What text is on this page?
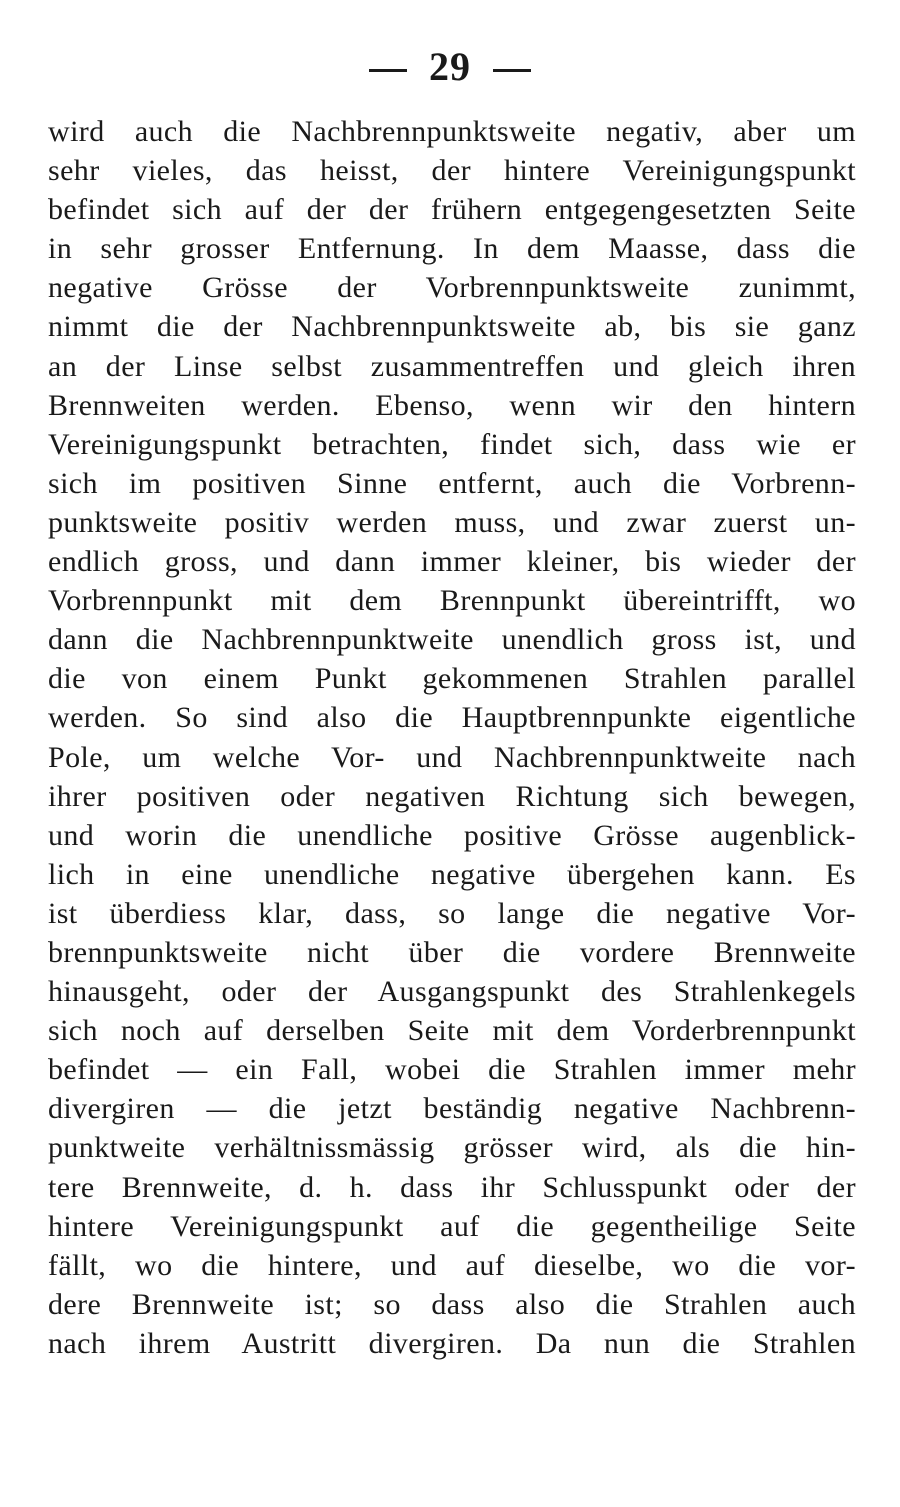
29
wird auch die Nachbrennpunktsweite negativ, aber um
sehr vieles, das heisst, der hintere Vereinigungspunkt
befindet sich auf der der frühern entgegengesetzten Seite
in sehr grosser Entfernung. In dem Maasse, dass die
negative Grösse der Vorbrennpunktsweite zunimmt,
nimmt die der Nachbrennpunktsweite ab, bis sie ganz
an der Linse selbst zusammentreffen und gleich ihren
Brennweiten werden. Ebenso, wenn wir den hintern
Vereinigungspunkt betrachten, findet sich, dass wie er
sich im positiven Sinne entfernt, auch die Vorbrenn-
punktsweite positiv werden muss, und zwar zuerst un-
endlich gross, und dann immer kleiner, bis wieder der
Vorbrennpunkt mit dem Brennpunkt übereintrifft, wo
dann die Nachbrennpunktweite unendlich gross ist, und
die von einem Punkt gekommenen Strahlen parallel
werden. So sind also die Hauptbrennpunkte eigentliche
Pole, um welche Vor- und Nachbrennpunktweite nach
ihrer positiven oder negativen Richtung sich bewegen,
und worin die unendliche positive Grösse augenblick-
lich in eine unendliche negative übergehen kann. Es
ist überdiess klar, dass, so lange die negative Vor-
brennpunktsweite nicht über die vordere Brennweite
hinausgeht, oder der Ausgangspunkt des Strahlenkegels
sich noch auf derselben Seite mit dem Vorderbrennpunkt
befindet — ein Fall, wobei die Strahlen immer mehr
divergiren — die jetzt beständig negative Nachbrenn-
punktweite verhältnissmässig grösser wird, als die hin-
tere Brennweite, d. h. dass ihr Schlusspunkt oder der
hintere Vereinigungspunkt auf die gegentheilige Seite
fällt, wo die hintere, und auf dieselbe, wo die vor-
dere Brennweite ist; so dass also die Strahlen auch
nach ihrem Austritt divergiren. Da nun die Strahlen
